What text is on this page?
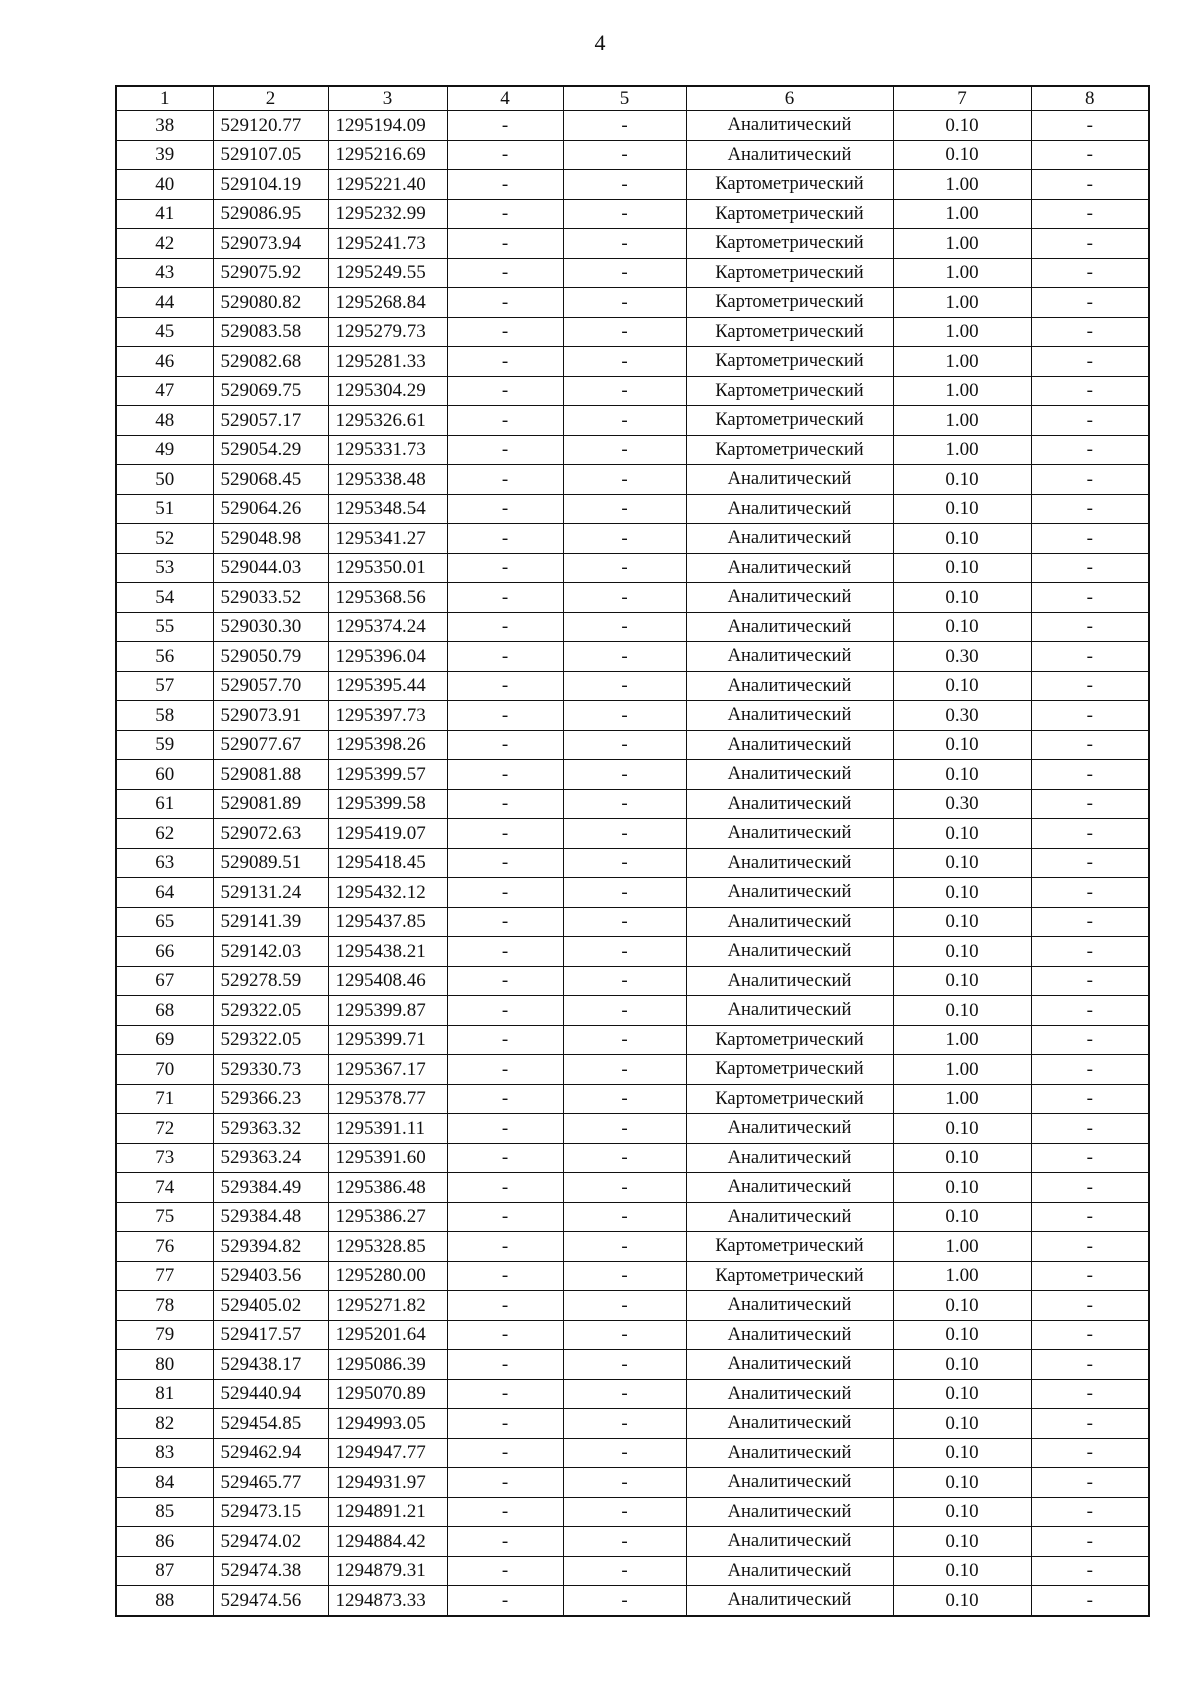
4
1	2	3	4	5	6	7	8
38	529120.77	1295194.09	-	-	Аналитический	0.10	-
39	529107.05	1295216.69	-	-	Аналитический	0.10	-
40	529104.19	1295221.40	-	-	Картометрический	1.00	-
41	529086.95	1295232.99	-	-	Картометрический	1.00	-
42	529073.94	1295241.73	-	-	Картометрический	1.00	-
43	529075.92	1295249.55	-	-	Картометрический	1.00	-
44	529080.82	1295268.84	-	-	Картометрический	1.00	-
45	529083.58	1295279.73	-	-	Картометрический	1.00	-
46	529082.68	1295281.33	-	-	Картометрический	1.00	-
47	529069.75	1295304.29	-	-	Картометрический	1.00	-
48	529057.17	1295326.61	-	-	Картометрический	1.00	-
49	529054.29	1295331.73	-	-	Картометрический	1.00	-
50	529068.45	1295338.48	-	-	Аналитический	0.10	-
51	529064.26	1295348.54	-	-	Аналитический	0.10	-
52	529048.98	1295341.27	-	-	Аналитический	0.10	-
53	529044.03	1295350.01	-	-	Аналитический	0.10	-
54	529033.52	1295368.56	-	-	Аналитический	0.10	-
55	529030.30	1295374.24	-	-	Аналитический	0.10	-
56	529050.79	1295396.04	-	-	Аналитический	0.30	-
57	529057.70	1295395.44	-	-	Аналитический	0.10	-
58	529073.91	1295397.73	-	-	Аналитический	0.30	-
59	529077.67	1295398.26	-	-	Аналитический	0.10	-
60	529081.88	1295399.57	-	-	Аналитический	0.10	-
61	529081.89	1295399.58	-	-	Аналитический	0.30	-
62	529072.63	1295419.07	-	-	Аналитический	0.10	-
63	529089.51	1295418.45	-	-	Аналитический	0.10	-
64	529131.24	1295432.12	-	-	Аналитический	0.10	-
65	529141.39	1295437.85	-	-	Аналитический	0.10	-
66	529142.03	1295438.21	-	-	Аналитический	0.10	-
67	529278.59	1295408.46	-	-	Аналитический	0.10	-
68	529322.05	1295399.87	-	-	Аналитический	0.10	-
69	529322.05	1295399.71	-	-	Картометрический	1.00	-
70	529330.73	1295367.17	-	-	Картометрический	1.00	-
71	529366.23	1295378.77	-	-	Картометрический	1.00	-
72	529363.32	1295391.11	-	-	Аналитический	0.10	-
73	529363.24	1295391.60	-	-	Аналитический	0.10	-
74	529384.49	1295386.48	-	-	Аналитический	0.10	-
75	529384.48	1295386.27	-	-	Аналитический	0.10	-
76	529394.82	1295328.85	-	-	Картометрический	1.00	-
77	529403.56	1295280.00	-	-	Картометрический	1.00	-
78	529405.02	1295271.82	-	-	Аналитический	0.10	-
79	529417.57	1295201.64	-	-	Аналитический	0.10	-
80	529438.17	1295086.39	-	-	Аналитический	0.10	-
81	529440.94	1295070.89	-	-	Аналитический	0.10	-
82	529454.85	1294993.05	-	-	Аналитический	0.10	-
83	529462.94	1294947.77	-	-	Аналитический	0.10	-
84	529465.77	1294931.97	-	-	Аналитический	0.10	-
85	529473.15	1294891.21	-	-	Аналитический	0.10	-
86	529474.02	1294884.42	-	-	Аналитический	0.10	-
87	529474.38	1294879.31	-	-	Аналитический	0.10	-
88	529474.56	1294873.33	-	-	Аналитический	0.10	-
